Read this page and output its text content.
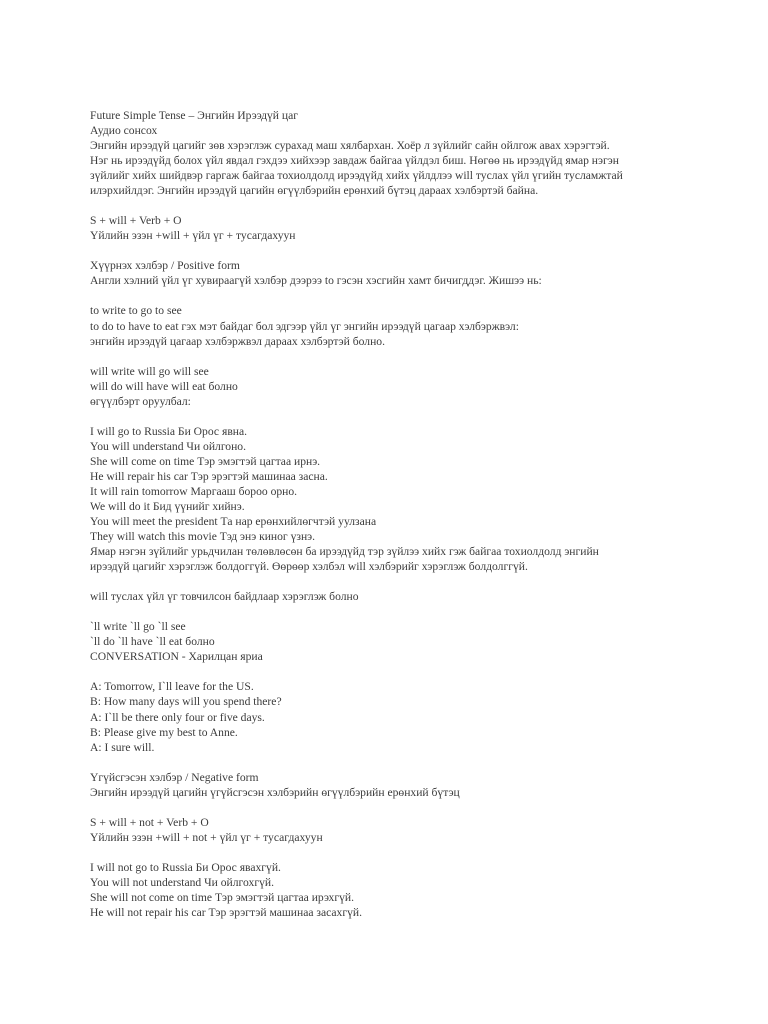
Future Simple Tense – Энгийн Ирээдүй цаг
Аудио сонсох
Энгийн ирээдүй цагийг зөв хэрэглэж сурахад маш хялбархан. Хоёр л зүйлийг сайн ойлгож авах хэрэгтэй.
Нэг нь ирээдүйд болох үйл явдал гэхдээ хийхээр завдаж байгаа үйлдэл биш. Нөгөө нь ирээдүйд ямар нэгэн
зүйлийг хийх шийдвэр гаргаж байгаа тохиолдолд ирээдүйд хийх үйлдлээ will туслах үйл үгийн тусламжтай
илэрхийлдэг. Энгийн ирээдүй цагийн өгүүлбэрийн ерөнхий бүтэц дараах хэлбэртэй байна.
S + will + Verb + O
Үйлийн эзэн +will + үйл үг + тусагдахуун
Хүүрнэх хэлбэр / Positive form
Англи хэлний үйл үг хувираагүй хэлбэр дээрээ to гэсэн хэсгийн хамт бичигддэг. Жишээ нь:
to write to go to see
to do to have to eat гэх мэт байдаг бол эдгээр үйл үг энгийн ирээдүй цагаар хэлбэржвэл:
энгийн ирээдүй цагаар хэлбэржвэл дараах хэлбэртэй болно.
will write will go will see
will do will have will eat болно
өгүүлбэрт оруулбал:
I will go to Russia Би Орос явна.
You will understand Чи ойлгоно.
She will come on time Тэр эмэгтэй цагтаа ирнэ.
He will repair his car Тэр эрэгтэй машинаа засна.
It will rain tomorrow Маргааш бороо орно.
We will do it Бид үүнийг хийнэ.
You will meet the president Та нар ерөнхийлөгчтэй уулзана
They will watch this movie Тэд энэ киног үзнэ.
Ямар нэгэн зүйлийг урьдчилан төлөвлөсөн ба ирээдүйд тэр зүйлээ хийх гэж байгаа тохиолдолд энгийн
ирээдүй цагийг хэрэглэж болдоггүй. Өөрөөр хэлбэл will хэлбэрийг хэрэглэж болдолггүй.
will туслах үйл үг товчилсон байдлаар хэрэглэж болно
`ll write `ll go `ll see
`ll do `ll have `ll eat болно
CONVERSATION - Харилцан яриа
A: Tomorrow, I`ll leave for the US.
B: How many days will you spend there?
A: I`ll be there only four or five days.
B: Please give my best to Anne.
A: I sure will.
Үгүйсгэсэн хэлбэр / Negative form
Энгийн ирээдүй цагийн үгүйсгэсэн хэлбэрийн өгүүлбэрийн ерөнхий бүтэц
S + will + not + Verb + O
Үйлийн эзэн +will + not + үйл үг + тусагдахуун
I will not go to Russia Би Орос явахгүй.
You will not understand Чи ойлгохгүй.
She will not come on time Тэр эмэгтэй цагтаа ирэхгүй.
He will not repair his car Тэр эрэгтэй машинаа засахгүй.
